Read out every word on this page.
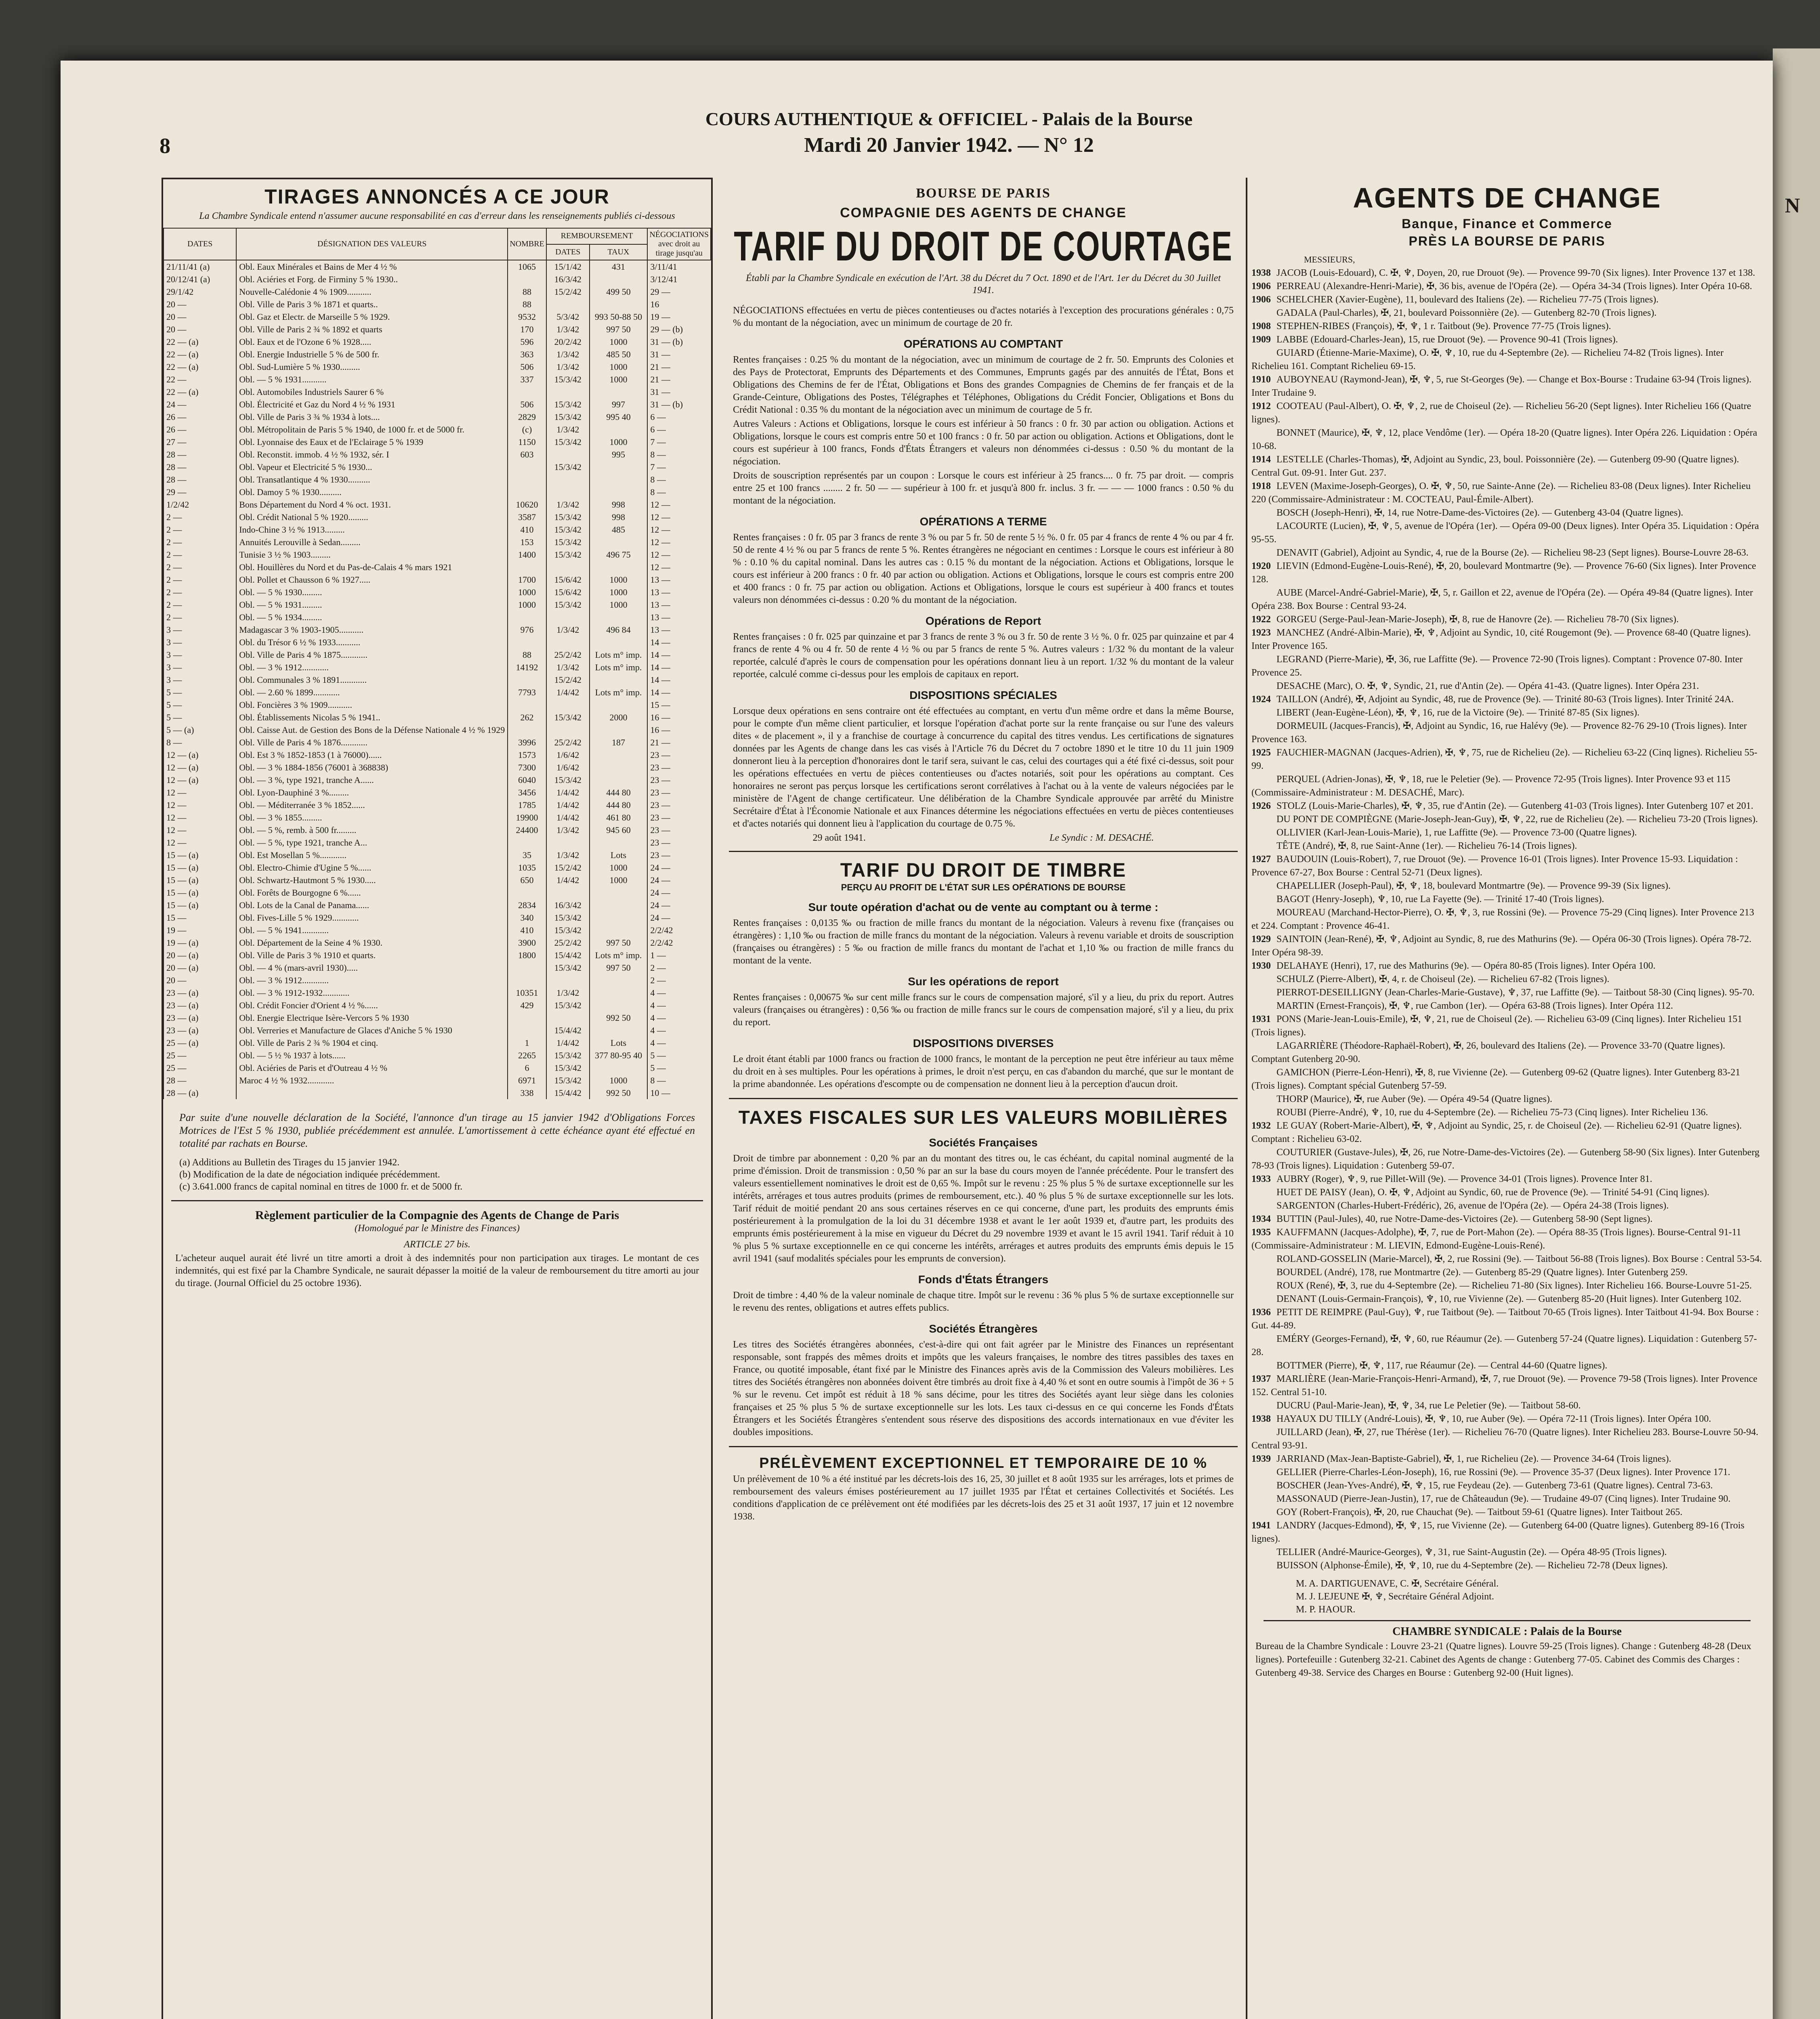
N
COURS AUTHENTIQUE & OFFICIEL - Palais de la Bourse
Mardi 20 Janvier 1942. — N° 12
8
TIRAGES ANNONCÉS A CE JOUR
La Chambre Syndicale entend n'assumer aucune responsabilité en cas d'erreur dans les renseignements publiés ci-dessous
DATES	DÉSIGNATION DES VALEURS	NOMBRE	REMBOURSEMENT		NÉGOCIATIONS avec droit au tirage jusqu'au
			DATES	TAUX	
21/11/41 (a)	Obl. Eaux Minérales et Bains de Mer 4 ½ %	1065	15/1/42	431	3/11/41
20/12/41 (a)	Obl. Aciéries et Forg. de Firminy 5 % 1930..		16/3/42		3/12/41
29/1/42	Nouvelle-Calédonie 4 % 1909...........	88	15/2/42	499 50	29 —
20 —	Obl. Ville de Paris 3 % 1871 et quarts..	88			16
20 —	Obl. Gaz et Electr. de Marseille 5 % 1929.	9532	5/3/42	993 50-88 50	19 —
20 —	Obl. Ville de Paris 2 ¾ % 1892 et quarts	170	1/3/42	997 50	29 — (b)
22 — (a)	Obl. Eaux et de l'Ozone 6 % 1928.....	596	20/2/42	1000	31 — (b)
22 — (a)	Obl. Energie Industrielle 5 % de 500 fr.	363	1/3/42	485 50	31 —
22 — (a)	Obl. Sud-Lumière 5 % 1930.........	506	1/3/42	1000	21 —
22 —	Obl. — 5 % 1931...........	337	15/3/42	1000	21 —
22 — (a)	Obl. Automobiles Industriels Saurer 6 %				31 —
24 —	Obl. Électricité et Gaz du Nord 4 ½ % 1931	506	15/3/42	997	31 — (b)
26 —	Obl. Ville de Paris 3 ¾ % 1934 à lots....	2829	15/3/42	995 40	6 —
26 —	Obl. Métropolitain de Paris 5 % 1940, de 1000 fr. et de 5000 fr.	(c)	1/3/42		6 —
27 —	Obl. Lyonnaise des Eaux et de l'Eclairage 5 % 1939	1150	15/3/42	1000	7 —
28 —	Obl. Reconstit. immob. 4 ½ % 1932, sér. I	603		995	8 —
28 —	Obl. Vapeur et Electricité 5 % 1930...		15/3/42		7 —
28 —	Obl. Transatlantique 4 % 1930..........				8 —
29 —	Obl. Damoy 5 % 1930..........				8 —
1/2/42	Bons Département du Nord 4 % oct. 1931.	10620	1/3/42	998	12 —
2 —	Obl. Crédit National 5 % 1920.........	3587	15/3/42	998	12 —
2 —	Indo-Chine 3 ½ % 1913.........	410	15/3/42	485	12 —
2 —	Annuités Lerouville à Sedan.........	153	15/3/42		12 —
2 —	Tunisie 3 ½ % 1903.........	1400	15/3/42	496 75	12 —
2 —	Obl. Houillères du Nord et du Pas-de-Calais 4 % mars 1921				12 —
2 —	Obl. Pollet et Chausson 6 % 1927.....	1700	15/6/42	1000	13 —
2 —	Obl. — 5 % 1930.........	1000	15/6/42	1000	13 —
2 —	Obl. — 5 % 1931.........	1000	15/3/42	1000	13 —
2 —	Obl. — 5 % 1934.........				13 —
3 —	Madagascar 3 % 1903-1905...........	976	1/3/42	496 84	13 —
3 —	Obl. du Trésor 6 ½ % 1933...........				14 —
3 —	Obl. Ville de Paris 4 % 1875............	88	25/2/42	Lots m° imp.	14 —
3 —	Obl. — 3 % 1912............	14192	1/3/42	Lots m° imp.	14 —
3 —	Obl. Communales 3 % 1891............		15/2/42		14 —
5 —	Obl. — 2.60 % 1899............	7793	1/4/42	Lots m° imp.	14 —
5 —	Obl. Foncières 3 % 1909...........				15 —
5 —	Obl. Établissements Nicolas 5 % 1941..	262	15/3/42	2000	16 —
5 — (a)	Obl. Caisse Aut. de Gestion des Bons de la Défense Nationale 4 ½ % 1929				16 —
8 —	Obl. Ville de Paris 4 % 1876............	3996	25/2/42	187	21 —
12 — (a)	Obl. Est 3 % 1852-1853 (1 à 76000)......	1573	1/6/42		23 —
12 — (a)	Obl. — 3 % 1884-1856 (76001 à 368838)	7300	1/6/42		23 —
12 — (a)	Obl. — 3 %, type 1921, tranche A......	6040	15/3/42		23 —
12 —	Obl. Lyon-Dauphiné 3 %.........	3456	1/4/42	444 80	23 —
12 —	Obl. — Méditerranée 3 % 1852......	1785	1/4/42	444 80	23 —
12 —	Obl. — 3 % 1855.........	19900	1/4/42	461 80	23 —
12 —	Obl. — 5 %, remb. à 500 fr.........	24400	1/3/42	945 60	23 —
12 —	Obl. — 5 %, type 1921, tranche A...				23 —
15 — (a)	Obl. Est Mosellan 5 %............	35	1/3/42	Lots	23 —
15 — (a)	Obl. Electro-Chimie d'Ugine 5 %......	1035	15/2/42	1000	24 —
15 — (a)	Obl. Schwartz-Hautmont 5 % 1930.....	650	1/4/42	1000	24 —
15 — (a)	Obl. Forêts de Bourgogne 6 %......				24 —
15 — (a)	Obl. Lots de la Canal de Panama......	2834	16/3/42		24 —
15 —	Obl. Fives-Lille 5 % 1929............	340	15/3/42		24 —
19 —	Obl. — 5 % 1941............	410	15/3/42		2/2/42
19 — (a)	Obl. Département de la Seine 4 % 1930.	3900	25/2/42	997 50	2/2/42
20 — (a)	Obl. Ville de Paris 3 % 1910 et quarts.	1800	15/4/42	Lots m° imp.	1 —
20 — (a)	Obl. — 4 % (mars-avril 1930).....		15/3/42	997 50	2 —
20 —	Obl. — 3 % 1912............				2 —
23 — (a)	Obl. — 3 % 1912-1932............	10351	1/3/42		4 —
23 — (a)	Obl. Crédit Foncier d'Orient 4 ½ %......	429	15/3/42		4 —
23 — (a)	Obl. Energie Electrique Isère-Vercors 5 % 1930			992 50	4 —
23 — (a)	Obl. Verreries et Manufacture de Glaces d'Aniche 5 % 1930		15/4/42		4 —
25 — (a)	Obl. Ville de Paris 2 ¾ % 1904 et cinq.	1	1/4/42	Lots	4 —
25 —	Obl. — 5 ½ % 1937 à lots......	2265	15/3/42	377 80-95 40	5 —
25 —	Obl. Aciéries de Paris et d'Outreau 4 ½ %	6	15/3/42		5 —
28 —	Maroc 4 ½ % 1932............	6971	15/3/42	1000	8 —
28 — (a)		338	15/4/42	992 50	10 —
Par suite d'une nouvelle déclaration de la Société, l'annonce d'un tirage au 15 janvier 1942 d'Obligations Forces Motrices de l'Est 5 % 1930, publiée précédemment est annulée. L'amortissement à cette échéance ayant été effectué en totalité par rachats en Bourse.
(a) Additions au Bulletin des Tirages du 15 janvier 1942.
(b) Modification de la date de négociation indiquée précédemment.
(c) 3.641.000 francs de capital nominal en titres de 1000 fr. et de 5000 fr.
Règlement particulier de la Compagnie des Agents de Change de Paris
(Homologué par le Ministre des Finances)
ARTICLE 27 bis.
L'acheteur auquel aurait été livré un titre amorti a droit à des indemnités pour non participation aux tirages. Le montant de ces indemnités, qui est fixé par la Chambre Syndicale, ne saurait dépasser la moitié de la valeur de remboursement du titre amorti au jour du tirage. (Journal Officiel du 25 octobre 1936).
BOURSE DE PARIS
COMPAGNIE DES AGENTS DE CHANGE
TARIF DU DROIT DE COURTAGE
Établi par la Chambre Syndicale en exécution de l'Art. 38 du Décret du 7 Oct. 1890 et de l'Art. 1er du Décret du 30 Juillet 1941.
NÉGOCIATIONS effectuées en vertu de pièces contentieuses ou d'actes notariés à l'exception des procurations générales : 0,75 % du montant de la négociation, avec un minimum de courtage de 20 fr.
OPÉRATIONS AU COMPTANT
Rentes françaises : 0.25 % du montant de la négociation, avec un minimum de courtage de 2 fr. 50. Emprunts des Colonies et des Pays de Protectorat, Emprunts des Départements et des Communes, Emprunts gagés par des annuités de l'État, Bons et Obligations des Chemins de fer de l'État, Obligations et Bons des grandes Compagnies de Chemins de fer français et de la Grande-Ceinture, Obligations des Postes, Télégraphes et Téléphones, Obligations du Crédit Foncier, Obligations et Bons du Crédit National : 0.35 % du montant de la négociation avec un minimum de courtage de 5 fr.
Autres Valeurs : Actions et Obligations, lorsque le cours est inférieur à 50 francs : 0 fr. 30 par action ou obligation. Actions et Obligations, lorsque le cours est compris entre 50 et 100 francs : 0 fr. 50 par action ou obligation. Actions et Obligations, dont le cours est supérieur à 100 francs, Fonds d'États Étrangers et valeurs non dénommées ci-dessus : 0.50 % du montant de la négociation.
Droits de souscription représentés par un coupon : Lorsque le cours est inférieur à 25 francs.... 0 fr. 75 par droit. — compris entre 25 et 100 francs ........ 2 fr. 50 — — supérieur à 100 fr. et jusqu'à 800 fr. inclus. 3 fr. — — — 1000 francs : 0.50 % du montant de la négociation.
OPÉRATIONS A TERME
Rentes françaises : 0 fr. 05 par 3 francs de rente 3 % ou par 5 fr. 50 de rente 5 ½ %. 0 fr. 05 par 4 francs de rente 4 % ou par 4 fr. 50 de rente 4 ½ % ou par 5 francs de rente 5 %. Rentes étrangères ne négociant en centimes : Lorsque le cours est inférieur à 80 % : 0.10 % du capital nominal. Dans les autres cas : 0.15 % du montant de la négociation. Actions et Obligations, lorsque le cours est inférieur à 200 francs : 0 fr. 40 par action ou obligation. Actions et Obligations, lorsque le cours est compris entre 200 et 400 francs : 0 fr. 75 par action ou obligation. Actions et Obligations, lorsque le cours est supérieur à 400 francs et toutes valeurs non dénommées ci-dessus : 0.20 % du montant de la négociation.
Opérations de Report
Rentes françaises : 0 fr. 025 par quinzaine et par 3 francs de rente 3 % ou 3 fr. 50 de rente 3 ½ %. 0 fr. 025 par quinzaine et par 4 francs de rente 4 % ou 4 fr. 50 de rente 4 ½ % ou par 5 francs de rente 5 %. Autres valeurs : 1/32 % du montant de la valeur reportée, calculé d'après le cours de compensation pour les opérations donnant lieu à un report. 1/32 % du montant de la valeur reportée, calculé comme ci-dessus pour les emplois de capitaux en report.
DISPOSITIONS SPÉCIALES
Lorsque deux opérations en sens contraire ont été effectuées au comptant, en vertu d'un même ordre et dans la même Bourse, pour le compte d'un même client particulier, et lorsque l'opération d'achat porte sur la rente française ou sur l'une des valeurs dites « de placement », il y a franchise de courtage à concurrence du capital des titres vendus. Les certifications de signatures données par les Agents de change dans les cas visés à l'Article 76 du Décret du 7 octobre 1890 et le titre 10 du 11 juin 1909 donneront lieu à la perception d'honoraires dont le tarif sera, suivant le cas, celui des courtages qui a été fixé ci-dessus, soit pour les opérations effectuées en vertu de pièces contentieuses ou d'actes notariés, soit pour les opérations au comptant. Ces honoraires ne seront pas perçus lorsque les certifications seront corrélatives à l'achat ou à la vente de valeurs négociées par le ministère de l'Agent de change certificateur. Une délibération de la Chambre Syndicale approuvée par arrêté du Ministre Secrétaire d'État à l'Économie Nationale et aux Finances détermine les négociations effectuées en vertu de pièces contentieuses et d'actes notariés qui donnent lieu à l'application du courtage de 0.75 %.
29 août 1941.	Le Syndic : M. DESACHÉ.
TARIF DU DROIT DE TIMBRE
PERÇU AU PROFIT DE L'ÉTAT SUR LES OPÉRATIONS DE BOURSE
Sur toute opération d'achat ou de vente au comptant ou à terme :
Rentes françaises : 0,0135 ‰ ou fraction de mille francs du montant de la négociation. Valeurs à revenu fixe (françaises ou étrangères) : 1,10 ‰ ou fraction de mille francs du montant de la négociation. Valeurs à revenu variable et droits de souscription (françaises ou étrangères) : 5 ‰ ou fraction de mille francs du montant de l'achat et 1,10 ‰ ou fraction de mille francs du montant de la vente.
Sur les opérations de report
Rentes françaises : 0,00675 ‰ sur cent mille francs sur le cours de compensation majoré, s'il y a lieu, du prix du report. Autres valeurs (françaises ou étrangères) : 0,56 ‰ ou fraction de mille francs sur le cours de compensation majoré, s'il y a lieu, du prix du report.
DISPOSITIONS DIVERSES
Le droit étant établi par 1000 francs ou fraction de 1000 francs, le montant de la perception ne peut être inférieur au taux même du droit en à ses multiples. Pour les opérations à primes, le droit n'est perçu, en cas d'abandon du marché, que sur le montant de la prime abandonnée. Les opérations d'escompte ou de compensation ne donnent lieu à la perception d'aucun droit.
TAXES FISCALES SUR LES VALEURS MOBILIÈRES
Sociétés Françaises
Droit de timbre par abonnement : 0,20 % par an du montant des titres ou, le cas échéant, du capital nominal augmenté de la prime d'émission. Droit de transmission : 0,50 % par an sur la base du cours moyen de l'année précédente. Pour le transfert des valeurs essentiellement nominatives le droit est de 0,65 %. Impôt sur le revenu : 25 % plus 5 % de surtaxe exceptionnelle sur les intérêts, arrérages et tous autres produits (primes de remboursement, etc.). 40 % plus 5 % de surtaxe exceptionnelle sur les lots. Tarif réduit de moitié pendant 20 ans sous certaines réserves en ce qui concerne, d'une part, les produits des emprunts émis postérieurement à la promulgation de la loi du 31 décembre 1938 et avant le 1er août 1939 et, d'autre part, les produits des emprunts émis postérieurement à la mise en vigueur du Décret du 29 novembre 1939 et avant le 15 avril 1941. Tarif réduit à 10 % plus 5 % surtaxe exceptionnelle en ce qui concerne les intérêts, arrérages et autres produits des emprunts émis depuis le 15 avril 1941 (sauf modalités spéciales pour les emprunts de conversion).
Fonds d'États Étrangers
Droit de timbre : 4,40 % de la valeur nominale de chaque titre. Impôt sur le revenu : 36 % plus 5 % de surtaxe exceptionnelle sur le revenu des rentes, obligations et autres effets publics.
Sociétés Étrangères
Les titres des Sociétés étrangères abonnées, c'est-à-dire qui ont fait agréer par le Ministre des Finances un représentant responsable, sont frappés des mêmes droits et impôts que les valeurs françaises, le nombre des titres passibles des taxes en France, ou quotité imposable, étant fixé par le Ministre des Finances après avis de la Commission des Valeurs mobilières. Les titres des Sociétés étrangères non abonnées doivent être timbrés au droit fixe à 4,40 % et sont en outre soumis à l'impôt de 36 + 5 % sur le revenu. Cet impôt est réduit à 18 % sans décime, pour les titres des Sociétés ayant leur siège dans les colonies françaises et 25 % plus 5 % de surtaxe exceptionnelle sur les lots. Les taux ci-dessus en ce qui concerne les Fonds d'États Étrangers et les Sociétés Étrangères s'entendent sous réserve des dispositions des accords internationaux en vue d'éviter les doubles impositions.
PRÉLÈVEMENT EXCEPTIONNEL ET TEMPORAIRE DE 10 %
Un prélèvement de 10 % a été institué par les décrets-lois des 16, 25, 30 juillet et 8 août 1935 sur les arrérages, lots et primes de remboursement des valeurs émises postérieurement au 17 juillet 1935 par l'État et certaines Collectivités et Sociétés. Les conditions d'application de ce prélèvement ont été modifiées par les décrets-lois des 25 et 31 août 1937, 17 juin et 12 novembre 1938.
AGENTS DE CHANGE
Banque, Finance et Commerce
PRÈS LA BOURSE DE PARIS
MESSIEURS,
1938 JACOB (Louis-Edouard), C. ✠, ♆, Doyen, 20, rue Drouot (9e). — Provence 99-70 (Six lignes). Inter Provence 137 et 138.
1906 PERREAU (Alexandre-Henri-Marie), ✠, 36 bis, avenue de l'Opéra (2e). — Opéra 34-34 (Trois lignes). Inter Opéra 10-68.
1906 SCHELCHER (Xavier-Eugène), 11, boulevard des Italiens (2e). — Richelieu 77-75 (Trois lignes).
GADALA (Paul-Charles), ✠, 21, boulevard Poissonnière (2e). — Gutenberg 82-70 (Trois lignes).
1908 STEPHEN-RIBES (François), ✠, ♆, 1 r. Taitbout (9e). Provence 77-75 (Trois lignes).
1909 LABBE (Edouard-Charles-Jean), 15, rue Drouot (9e). — Provence 90-41 (Trois lignes).
GUIARD (Étienne-Marie-Maxime), O. ✠, ♆, 10, rue du 4-Septembre (2e). — Richelieu 74-82 (Trois lignes). Inter Richelieu 161. Comptant Richelieu 69-15.
1910 AUBOYNEAU (Raymond-Jean), ✠, ♆, 5, rue St-Georges (9e). — Change et Box-Bourse : Trudaine 63-94 (Trois lignes). Inter Trudaine 9.
1912 COOTEAU (Paul-Albert), O. ✠, ♆, 2, rue de Choiseul (2e). — Richelieu 56-20 (Sept lignes). Inter Richelieu 166 (Quatre lignes).
BONNET (Maurice), ✠, ♆, 12, place Vendôme (1er). — Opéra 18-20 (Quatre lignes). Inter Opéra 226. Liquidation : Opéra 10-68.
1914 LESTELLE (Charles-Thomas), ✠, Adjoint au Syndic, 23, boul. Poissonnière (2e). — Gutenberg 09-90 (Quatre lignes). Central Gut. 09-91. Inter Gut. 237.
1918 LEVEN (Maxime-Joseph-Georges), O. ✠, ♆, 50, rue Sainte-Anne (2e). — Richelieu 83-08 (Deux lignes). Inter Richelieu 220 (Commissaire-Administrateur : M. COCTEAU, Paul-Émile-Albert).
BOSCH (Joseph-Henri), ✠, 14, rue Notre-Dame-des-Victoires (2e). — Gutenberg 43-04 (Quatre lignes).
LACOURTE (Lucien), ✠, ♆, 5, avenue de l'Opéra (1er). — Opéra 09-00 (Deux lignes). Inter Opéra 35. Liquidation : Opéra 95-55.
DENAVIT (Gabriel), Adjoint au Syndic, 4, rue de la Bourse (2e). — Richelieu 98-23 (Sept lignes). Bourse-Louvre 28-63.
1920 LIEVIN (Edmond-Eugène-Louis-René), ✠, 20, boulevard Montmartre (9e). — Provence 76-60 (Six lignes). Inter Provence 128.
AUBE (Marcel-André-Gabriel-Marie), ✠, 5, r. Gaillon et 22, avenue de l'Opéra (2e). — Opéra 49-84 (Quatre lignes). Inter Opéra 238. Box Bourse : Central 93-24.
1922 GORGEU (Serge-Paul-Jean-Marie-Joseph), ✠, 8, rue de Hanovre (2e). — Richelieu 78-70 (Six lignes).
1923 MANCHEZ (André-Albin-Marie), ✠, ♆, Adjoint au Syndic, 10, cité Rougemont (9e). — Provence 68-40 (Quatre lignes). Inter Provence 165.
LEGRAND (Pierre-Marie), ✠, 36, rue Laffitte (9e). — Provence 72-90 (Trois lignes). Comptant : Provence 07-80. Inter Provence 25.
DESACHE (Marc), O. ✠, ♆, Syndic, 21, rue d'Antin (2e). — Opéra 41-43. (Quatre lignes). Inter Opéra 231.
1924 TAILLON (André), ✠, Adjoint au Syndic, 48, rue de Provence (9e). — Trinité 80-63 (Trois lignes). Inter Trinité 24A.
LIBERT (Jean-Eugène-Léon), ✠, ♆, 16, rue de la Victoire (9e). — Trinité 87-85 (Six lignes).
DORMEUIL (Jacques-Francis), ✠, Adjoint au Syndic, 16, rue Halévy (9e). — Provence 82-76 29-10 (Trois lignes). Inter Provence 163.
1925 FAUCHIER-MAGNAN (Jacques-Adrien), ✠, ♆, 75, rue de Richelieu (2e). — Richelieu 63-22 (Cinq lignes). Richelieu 55-99.
PERQUEL (Adrien-Jonas), ✠, ♆, 18, rue le Peletier (9e). — Provence 72-95 (Trois lignes). Inter Provence 93 et 115 (Commissaire-Administrateur : M. DESACHÉ, Marc).
1926 STOLZ (Louis-Marie-Charles), ✠, ♆, 35, rue d'Antin (2e). — Gutenberg 41-03 (Trois lignes). Inter Gutenberg 107 et 201.
DU PONT DE COMPIÈGNE (Marie-Joseph-Jean-Guy), ✠, ♆, 22, rue de Richelieu (2e). — Richelieu 73-20 (Trois lignes).
OLLIVIER (Karl-Jean-Louis-Marie), 1, rue Laffitte (9e). — Provence 73-00 (Quatre lignes).
TÊTE (André), ✠, 8, rue Saint-Anne (1er). — Richelieu 76-14 (Trois lignes).
1927 BAUDOUIN (Louis-Robert), 7, rue Drouot (9e). — Provence 16-01 (Trois lignes). Inter Provence 15-93. Liquidation : Provence 67-27, Box Bourse : Central 52-71 (Deux lignes).
CHAPELLIER (Joseph-Paul), ✠, ♆, 18, boulevard Montmartre (9e). — Provence 99-39 (Six lignes).
BAGOT (Henry-Joseph), ♆, 10, rue La Fayette (9e). — Trinité 17-40 (Trois lignes).
MOUREAU (Marchand-Hector-Pierre), O. ✠, ♆, 3, rue Rossini (9e). — Provence 75-29 (Cinq lignes). Inter Provence 213 et 224. Comptant : Provence 46-41.
1929 SAINTOIN (Jean-René), ✠, ♆, Adjoint au Syndic, 8, rue des Mathurins (9e). — Opéra 06-30 (Trois lignes). Opéra 78-72. Inter Opéra 98-39.
1930 DELAHAYE (Henri), 17, rue des Mathurins (9e). — Opéra 80-85 (Trois lignes). Inter Opéra 100.
SCHULZ (Pierre-Albert), ✠, 4, r. de Choiseul (2e). — Richelieu 67-82 (Trois lignes).
PIERROT-DESEILLIGNY (Jean-Charles-Marie-Gustave), ♆, 37, rue Laffitte (9e). — Taitbout 58-30 (Cinq lignes). 95-70.
MARTIN (Ernest-François), ✠, ♆, rue Cambon (1er). — Opéra 63-88 (Trois lignes). Inter Opéra 112.
1931 PONS (Marie-Jean-Louis-Emile), ✠, ♆, 21, rue de Choiseul (2e). — Richelieu 63-09 (Cinq lignes). Inter Richelieu 151 (Trois lignes).
LAGARRIÈRE (Théodore-Raphaël-Robert), ✠, 26, boulevard des Italiens (2e). — Provence 33-70 (Quatre lignes). Comptant Gutenberg 20-90.
GAMICHON (Pierre-Léon-Henri), ✠, 8, rue Vivienne (2e). — Gutenberg 09-62 (Quatre lignes). Inter Gutenberg 83-21 (Trois lignes). Comptant spécial Gutenberg 57-59.
THORP (Maurice), ✠, rue Auber (9e). — Opéra 49-54 (Quatre lignes).
ROUBI (Pierre-André), ♆, 10, rue du 4-Septembre (2e). — Richelieu 75-73 (Cinq lignes). Inter Richelieu 136.
1932 LE GUAY (Robert-Marie-Albert), ✠, ♆, Adjoint au Syndic, 25, r. de Choiseul (2e). — Richelieu 62-91 (Quatre lignes). Comptant : Richelieu 63-02.
COUTURIER (Gustave-Jules), ✠, 26, rue Notre-Dame-des-Victoires (2e). — Gutenberg 58-90 (Six lignes). Inter Gutenberg 78-93 (Trois lignes). Liquidation : Gutenberg 59-07.
1933 AUBRY (Roger), ♆, 9, rue Pillet-Will (9e). — Provence 34-01 (Trois lignes). Provence Inter 81.
HUET DE PAISY (Jean), O. ✠, ♆, Adjoint au Syndic, 60, rue de Provence (9e). — Trinité 54-91 (Cinq lignes).
SARGENTON (Charles-Hubert-Frédéric), 26, avenue de l'Opéra (2e). — Opéra 24-38 (Trois lignes).
1934 BUTTIN (Paul-Jules), 40, rue Notre-Dame-des-Victoires (2e). — Gutenberg 58-90 (Sept lignes).
1935 KAUFFMANN (Jacques-Adolphe), ✠, 7, rue de Port-Mahon (2e). — Opéra 88-35 (Trois lignes). Bourse-Central 91-11 (Commissaire-Administrateur : M. LIEVIN, Edmond-Eugène-Louis-René).
ROLAND-GOSSELIN (Marie-Marcel), ✠, 2, rue Rossini (9e). — Taitbout 56-88 (Trois lignes). Box Bourse : Central 53-54.
BOURDEL (André), 178, rue Montmartre (2e). — Gutenberg 85-29 (Quatre lignes). Inter Gutenberg 259.
ROUX (René), ✠, 3, rue du 4-Septembre (2e). — Richelieu 71-80 (Six lignes). Inter Richelieu 166. Bourse-Louvre 51-25.
DENANT (Louis-Germain-François), ♆, 10, rue Vivienne (2e). — Gutenberg 85-20 (Huit lignes). Inter Gutenberg 102.
1936 PETIT DE REIMPRE (Paul-Guy), ♆, rue Taitbout (9e). — Taitbout 70-65 (Trois lignes). Inter Taitbout 41-94. Box Bourse : Gut. 44-89.
EMÉRY (Georges-Fernand), ✠, ♆, 60, rue Réaumur (2e). — Gutenberg 57-24 (Quatre lignes). Liquidation : Gutenberg 57-28.
BOTTMER (Pierre), ✠, ♆, 117, rue Réaumur (2e). — Central 44-60 (Quatre lignes).
1937 MARLIÈRE (Jean-Marie-François-Henri-Armand), ✠, 7, rue Drouot (9e). — Provence 79-58 (Trois lignes). Inter Provence 152. Central 51-10.
DUCRU (Paul-Marie-Jean), ✠, ♆, 34, rue Le Peletier (9e). — Taitbout 58-60.
1938 HAYAUX DU TILLY (André-Louis), ✠, ♆, 10, rue Auber (9e). — Opéra 72-11 (Trois lignes). Inter Opéra 100.
JUILLARD (Jean), ✠, 27, rue Thérèse (1er). — Richelieu 76-70 (Quatre lignes). Inter Richelieu 283. Bourse-Louvre 50-94. Central 93-91.
1939 JARRIAND (Max-Jean-Baptiste-Gabriel), ✠, 1, rue Richelieu (2e). — Provence 34-64 (Trois lignes).
GELLIER (Pierre-Charles-Léon-Joseph), 16, rue Rossini (9e). — Provence 35-37 (Deux lignes). Inter Provence 171.
BOSCHER (Jean-Yves-André), ✠, ♆, 15, rue Feydeau (2e). — Gutenberg 73-61 (Quatre lignes). Central 73-63.
MASSONAUD (Pierre-Jean-Justin), 17, rue de Châteaudun (9e). — Trudaine 49-07 (Cinq lignes). Inter Trudaine 90.
GOY (Robert-François), ✠, 20, rue Chauchat (9e). — Taitbout 59-61 (Quatre lignes). Inter Taitbout 265.
1941 LANDRY (Jacques-Edmond), ✠, ♆, 15, rue Vivienne (2e). — Gutenberg 64-00 (Quatre lignes). Gutenberg 89-16 (Trois lignes).
TELLIER (André-Maurice-Georges), ♆, 31, rue Saint-Augustin (2e). — Opéra 48-95 (Trois lignes).
BUISSON (Alphonse-Émile), ✠, ♆, 10, rue du 4-Septembre (2e). — Richelieu 72-78 (Deux lignes).
M. A. DARTIGUENAVE, C. ✠, Secrétaire Général.
M. J. LEJEUNE ✠, ♆, Secrétaire Général Adjoint.
M. P. HAOUR.
CHAMBRE SYNDICALE : Palais de la Bourse
Bureau de la Chambre Syndicale : Louvre 23-21 (Quatre lignes). Louvre 59-25 (Trois lignes). Change : Gutenberg 48-28 (Deux lignes). Portefeuille : Gutenberg 32-21. Cabinet des Agents de change : Gutenberg 77-05. Cabinet des Commis des Charges : Gutenberg 49-38. Service des Charges en Bourse : Gutenberg 92-00 (Huit lignes).
